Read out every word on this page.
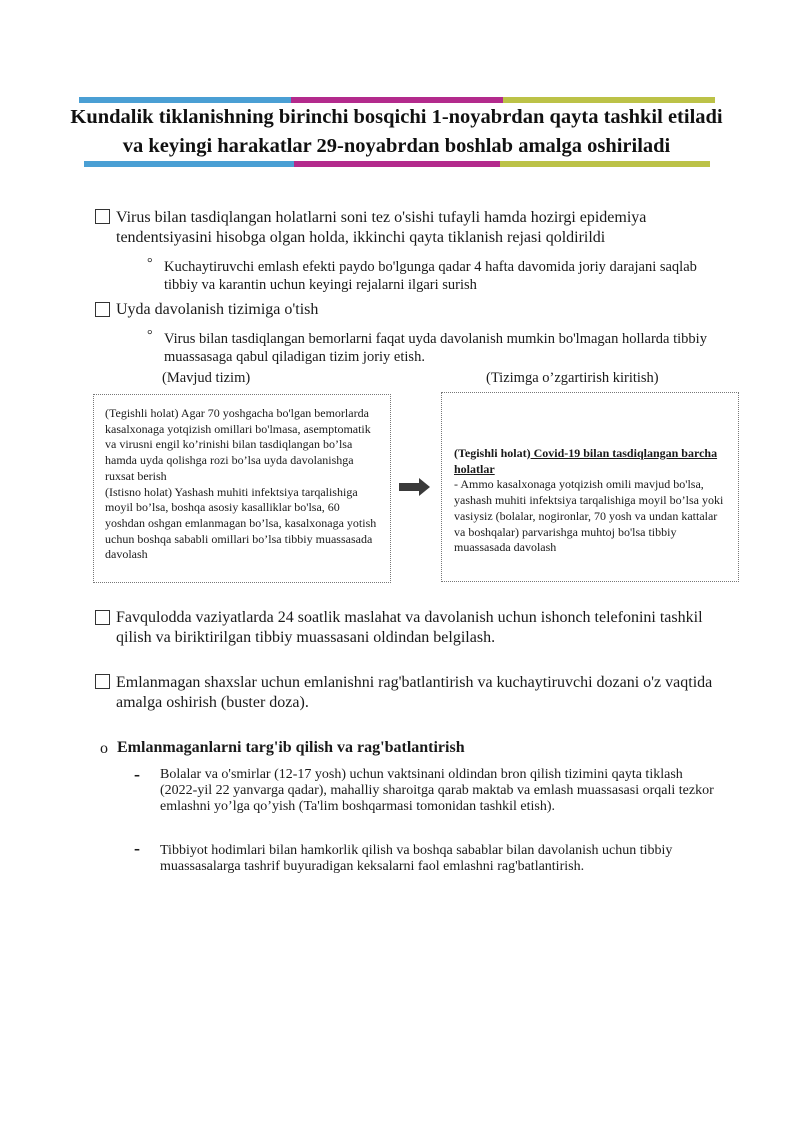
Kundalik tiklanishning birinchi bosqichi 1-noyabrdan qayta tashkil etiladi va keyingi harakatlar 29-noyabrdan boshlab amalga oshiriladi
Virus bilan tasdiqlangan holatlarni soni tez o'sishi tufayli hamda hozirgi epidemiya tendentsiyasini hisobga olgan holda, ikkinchi qayta tiklanish rejasi qoldirildi
° Kuchaytiruvchi emlash efekti paydo bo'lgunga qadar 4 hafta davomida joriy darajani saqlab tibbiy va karantin uchun keyingi rejalarni ilgari surish
Uyda davolanish tizimiga o'tish
° Virus bilan tasdiqlangan bemorlarni faqat uyda davolanish mumkin bo'lmagan hollarda tibbiy muassasaga qabul qiladigan tizim joriy etish.
(Mavjud tizim)	(Tizimga o’zgartirish kiritish)

(Tegishli holat) Agar 70 yoshgacha bo'lgan bemorlarda kasalxonaga yotqizish omillari bo'lmasa, asemptomatik va virusni engil ko’rinishi bilan tasdiqlangan bo’lsa hamda uyda qolishga rozi bo’lsa uyda davolanishga ruxsat berish

(Istisno holat) Yashash muhiti infektsiya tarqalishiga moyil bo’lsa, boshqa asosiy kasalliklar bo'lsa, 60 yoshdan oshgan emlanmagan bo’lsa, kasalxonaga yotish uchun boshqa sababli omillari bo’lsa tibbiy muassasada davolash

(Tegishli holat) Covid-19 bilan tasdiqlangan barcha holatlar

- Ammo kasalxonaga yotqizish omili mavjud bo'lsa, yashash muhiti infektsiya tarqalishiga moyil bo’lsa yoki vasiysiz (bolalar, nogironlar, 70 yosh va undan kattalar va boshqalar) parvarishga muhtoj bo'lsa tibbiy muassasada davolash

Favqulodda vaziyatlarda 24 soatlik maslahat va davolanish uchun ishonch telefonini tashkil qilish va biriktirilgan tibbiy muassasani oldindan belgilash.
Emlanmagan shaxslar uchun emlanishni rag'batlantirish va kuchaytiruvchi dozani o'z vaqtida amalga oshirish (buster doza).
o Emlanmaganlarni targ'ib qilish va rag'batlantirish
- Bolalar va o'smirlar (12-17 yosh) uchun vaktsinani oldindan bron qilish tizimini qayta tiklash (2022-yil 22 yanvarga qadar), mahalliy sharoitga qarab maktab va emlash muassasasi orqali tezkor emlashni yo’lga qo’yish (Ta'lim boshqarmasi tomonidan tashkil etish).
- Tibbiyot hodimlari bilan hamkorlik qilish va boshqa sabablar bilan davolanish uchun tibbiy muassasalarga tashrif buyuradigan keksalarni faol emlashni rag'batlantirish.
